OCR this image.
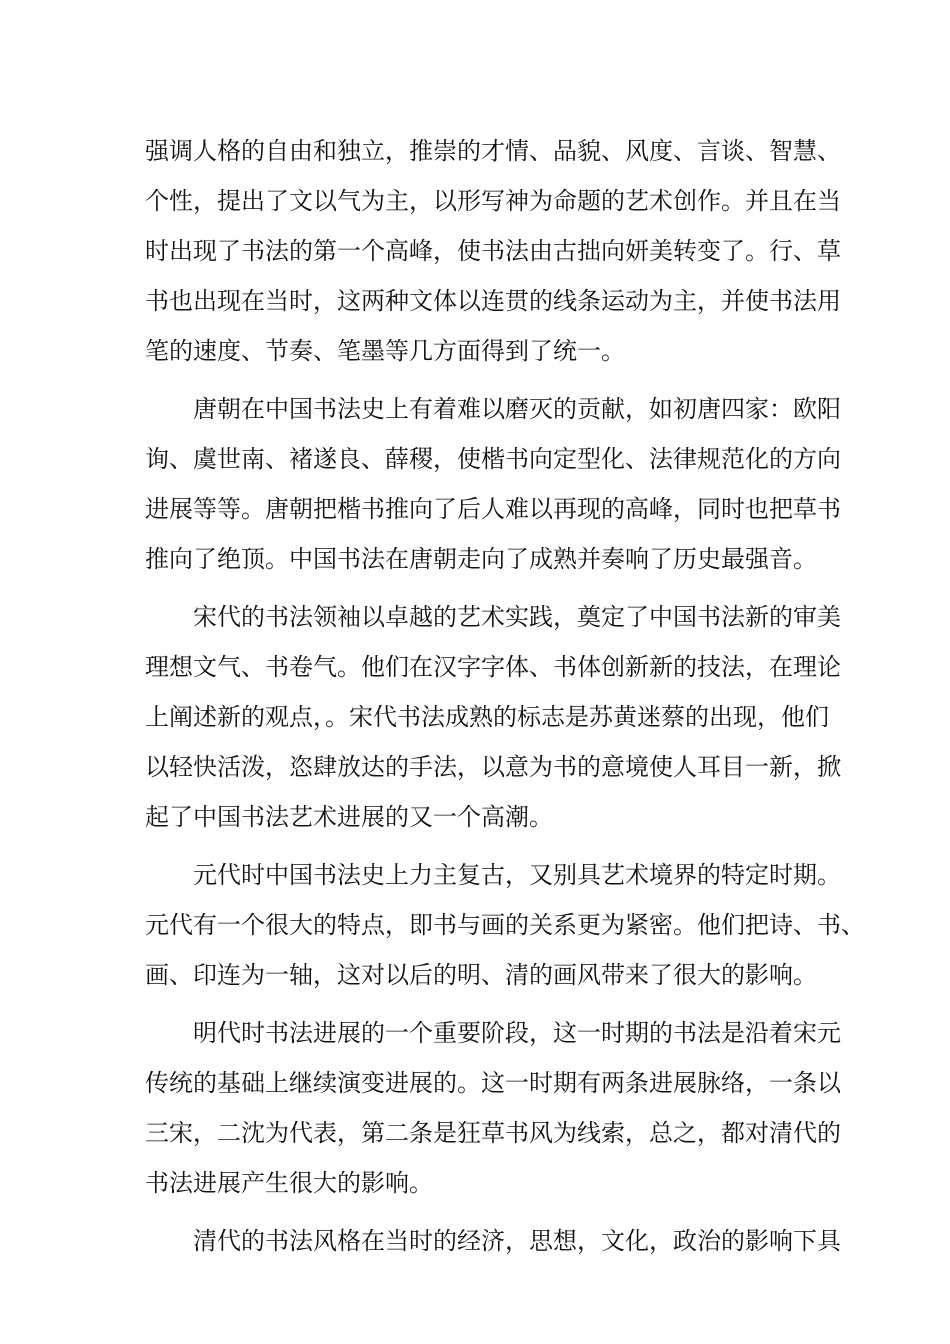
强调人格的自由和独立，推崇的才情、品貌、风度、言谈、智慧、
个性，提出了文以气为主，以形写神为命题的艺术创作。并且在当
时出现了书法的第一个高峰，使书法由古拙向妍美转变了。行、草
书也出现在当时，这两种文体以连贯的线条运动为主，并使书法用
笔的速度、节奏、笔墨等几方面得到了统一。
唐朝在中国书法史上有着难以磨灭的贡献，如初唐四家：欧阳
询、虞世南、褚遂良、薛稷，使楷书向定型化、法律规范化的方向
进展等等。唐朝把楷书推向了后人难以再现的高峰，同时也把草书
推向了绝顶。中国书法在唐朝走向了成熟并奏响了历史最强音。
宋代的书法领袖以卓越的艺术实践，奠定了中国书法新的审美
理想文气、书卷气。他们在汉字字体、书体创新新的技法，在理论
上阐述新的观点，。宋代书法成熟的标志是苏黄迷蔡的出现，他们
以轻快活泼，恣肆放达的手法，以意为书的意境使人耳目一新，掀
起了中国书法艺术进展的又一个高潮。
元代时中国书法史上力主复古，又别具艺术境界的特定时期。
元代有一个很大的特点，即书与画的关系更为紧密。他们把诗、书、
画、印连为一轴，这对以后的明、清的画风带来了很大的影响。
明代时书法进展的一个重要阶段，这一时期的书法是沿着宋元
传统的基础上继续演变进展的。这一时期有两条进展脉络，一条以
三宋，二沈为代表，第二条是狂草书风为线索，总之，都对清代的
书法进展产生很大的影响。
清代的书法风格在当时的经济，思想，文化，政治的影响下具
